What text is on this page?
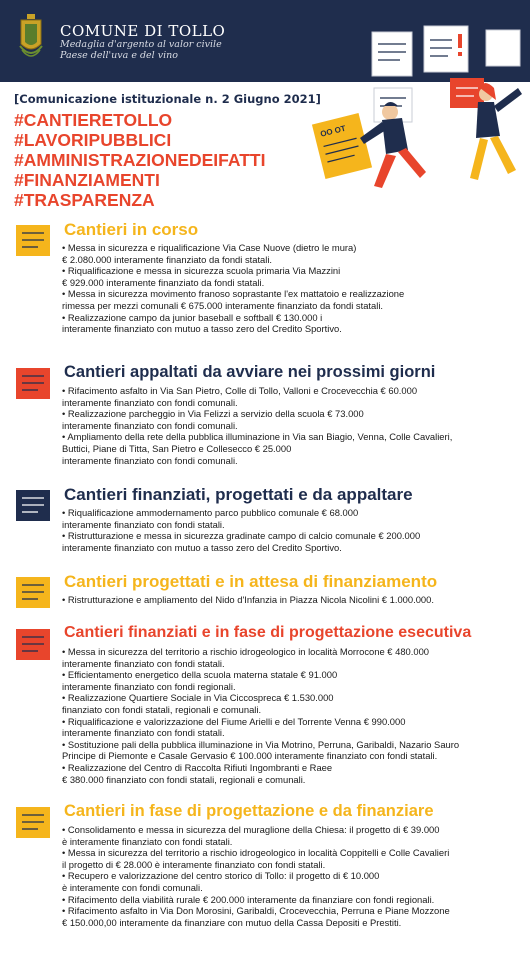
COMUNE DI TOLLO
Medaglia d'argento al valor civile
Paese dell'uva e del vino
OO OT
[Comunicazione istituzionale n. 2 Giugno 2021]
#CANTIERETOLLO
#LAVORIPUBBLICI
#AMMINISTRAZIONEDEIFATTI
#FINANZIAMENTI
#TRASPARENZA
Cantieri in corso
• Messa in sicurezza e riqualificazione Via Case Nuove (dietro le mura)
€ 2.080.000 interamente finanziato da fondi statali.
• Riqualificazione e messa in sicurezza scuola primaria Via Mazzini
€ 929.000 interamente finanziato da fondi statali.
• Messa in sicurezza movimento franoso soprastante l'ex mattatoio e realizzazione
rimessa per mezzi comunali € 675.000 interamente finanziato da fondi statali.
• Realizzazione campo da junior baseball e softball € 130.000 i
interamente finanziato con mutuo a tasso zero del Credito Sportivo.
Cantieri appaltati da avviare nei prossimi giorni
• Rifacimento asfalto in Via San Pietro, Colle di Tollo, Valloni e Crocevecchia € 60.000
interamente finanziato con fondi comunali.
• Realizzazione parcheggio in Via Felizzi a servizio della scuola € 73.000
interamente finanziato con fondi comunali.
• Ampliamento della rete della pubblica illuminazione in Via san Biagio, Venna, Colle Cavalieri,
Buttici, Piane di Titta, San Pietro e Collesecco € 25.000
interamente finanziato con fondi comunali.
Cantieri finanziati, progettati e da appaltare
• Riqualificazione ammodernamento parco pubblico comunale € 68.000
interamente finanziato con fondi statali.
• Ristrutturazione e messa in sicurezza gradinate campo di calcio comunale € 200.000
interamente finanziato con mutuo a tasso zero del Credito Sportivo.
Cantieri progettati e in attesa di finanziamento
• Ristrutturazione e ampliamento del Nido d'Infanzia in Piazza Nicola Nicolini € 1.000.000.
Cantieri finanziati e in fase di progettazione esecutiva
• Messa in sicurezza del territorio a rischio idrogeologico in località Morrocone € 480.000
interamente finanziato con fondi statali.
• Efficientamento energetico della scuola materna statale € 91.000
interamente finanziato con fondi regionali.
• Realizzazione Quartiere Sociale in Via Ciccospreca € 1.530.000
finanziato con fondi statali, regionali e comunali.
• Riqualificazione e valorizzazione del Fiume Arielli e del Torrente Venna € 990.000
interamente finanziato con fondi statali.
• Sostituzione pali della pubblica illuminazione in Via Motrino, Perruna, Garibaldi, Nazario Sauro
Principe di Piemonte e Casale Gervasio € 100.000 interamente finanziato con fondi statali.
• Realizzazione del Centro di Raccolta Rifiuti Ingombranti e Raee
€ 380.000 finanziato con fondi statali, regionali e comunali.
Cantieri in fase di progettazione e da finanziare
• Consolidamento e messa in sicurezza del muraglione della Chiesa: il progetto di € 39.000
è interamente finanziato con fondi statali.
• Messa in sicurezza del territorio a rischio idrogeologico in località Coppitelli e Colle Cavalieri
il progetto di € 28.000 è interamente finanziato con fondi statali.
• Recupero e valorizzazione del centro storico di Tollo: il progetto di € 10.000
è interamente con fondi comunali.
• Rifacimento della viabilità rurale € 200.000 interamente da finanziare con fondi regionali.
• Rifacimento asfalto in Via Don Morosini, Garibaldi, Crocevecchia, Perruna e Piane Mozzone
€ 150.000,00 interamente da finanziare con mutuo della Cassa Depositi e Prestiti.
